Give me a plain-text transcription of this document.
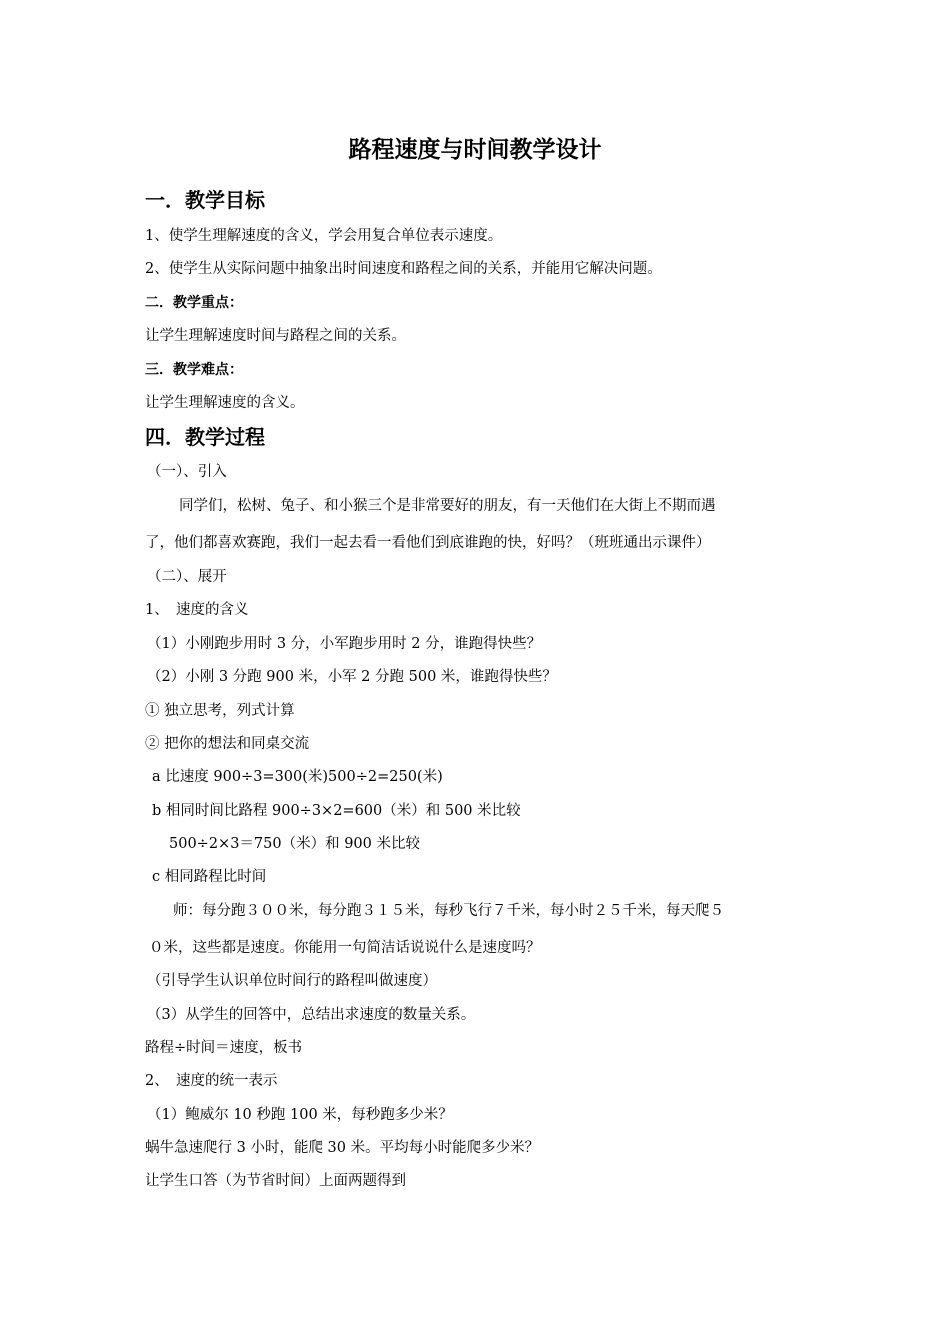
路程速度与时间教学设计
一．教学目标
1、使学生理解速度的含义，学会用复合单位表示速度。
2、使学生从实际问题中抽象出时间速度和路程之间的关系，并能用它解决问题。
二．教学重点：
让学生理解速度时间与路程之间的关系。
三．教学难点：
让学生理解速度的含义。
四．教学过程
（一）、引入
同学们，松树、兔子、和小猴三个是非常要好的朋友，有一天他们在大街上不期而遇
了，他们都喜欢赛跑，我们一起去看一看他们到底谁跑的快，好吗？（班班通出示课件）
（二）、展开
1、　速度的含义
（1）小刚跑步用时 3 分，小军跑步用时 2 分，谁跑得快些？
（2）小刚 3 分跑 900 米，小军 2 分跑 500 米，谁跑得快些？
① 独立思考，列式计算
② 把你的想法和同桌交流
a 比速度 900÷3=300(米)500÷2=250(米)
b 相同时间比路程 900÷3×2=600（米）和 500 米比较
500÷2×3＝750（米）和 900 米比较
c 相同路程比时间
师：每分跑３００米，每分跑３１５米，每秒飞行７千米，每小时２５千米，每天爬５
０米，这些都是速度。你能用一句简洁话说说什么是速度吗？
（引导学生认识单位时间行的路程叫做速度）
（3）从学生的回答中，总结出求速度的数量关系。
路程÷时间＝速度，板书
2、　速度的统一表示
（1）鲍威尔 10 秒跑 100 米，每秒跑多少米？
蜗牛急速爬行 3 小时，能爬 30 米。平均每小时能爬多少米？
让学生口答（为节省时间）上面两题得到
